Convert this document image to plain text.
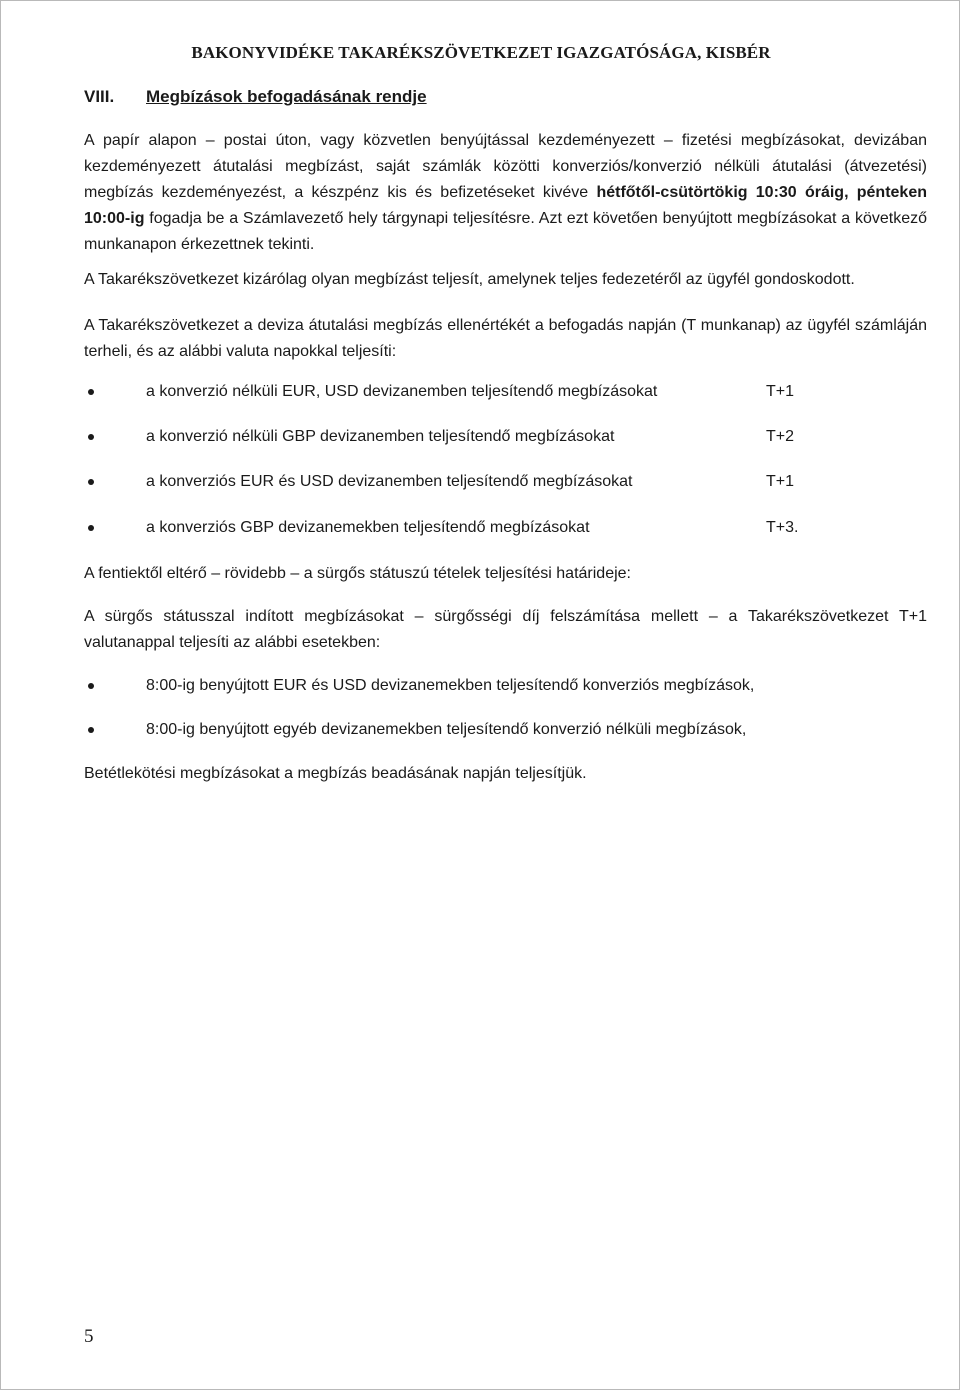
BAKONYVIDÉKE TAKARÉKSZÖVETKEZET IGAZGATÓSÁGA, KISBÉR
VIII. Megbízások befogadásának rendje
A papír alapon – postai úton, vagy közvetlen benyújtással kezdeményezett – fizetési megbízásokat, devizában kezdeményezett átutalási megbízást, saját számlák közötti konverziós/konverzió nélküli átutalási (átvezetési) megbízás kezdeményezést, a készpénz kis és befizetéseket kivéve hétfőtől-csütörtökig 10:30 óráig, pénteken 10:00-ig fogadja be a Számlavezető hely tárgynapi teljesítésre. Azt ezt követően benyújtott megbízásokat a következő munkanapon érkezettnek tekinti.
A Takarékszövetkezet kizárólag olyan megbízást teljesít, amelynek teljes fedezetéről az ügyfél gondoskodott.
A Takarékszövetkezet a deviza átutalási megbízás ellenértékét a befogadás napján (T munkanap) az ügyfél számláján terheli, és az alábbi valuta napokkal teljesíti:
a konverzió nélküli EUR, USD devizanemben teljesítendő megbízásokat	T+1
a konverzió nélküli GBP devizanemben teljesítendő megbízásokat	T+2
a konverziós EUR és USD devizanemben teljesítendő megbízásokat	T+1
a konverziós GBP devizanemekben teljesítendő megbízásokat	T+3.
A fentiektől eltérő – rövidebb – a sürgős státuszú tételek teljesítési határideje:
A sürgős státusszal indított megbízásokat – sürgősségi díj felszámítása mellett – a Takarékszövetkezet T+1 valutanappal teljesíti az alábbi esetekben:
8:00-ig benyújtott EUR és USD devizanemekben teljesítendő konverziós megbízások,
8:00-ig benyújtott egyéb devizanemekben teljesítendő konverzió nélküli megbízások,
Betétlekötési megbízásokat a megbízás beadásának napján teljesítjük.
5
